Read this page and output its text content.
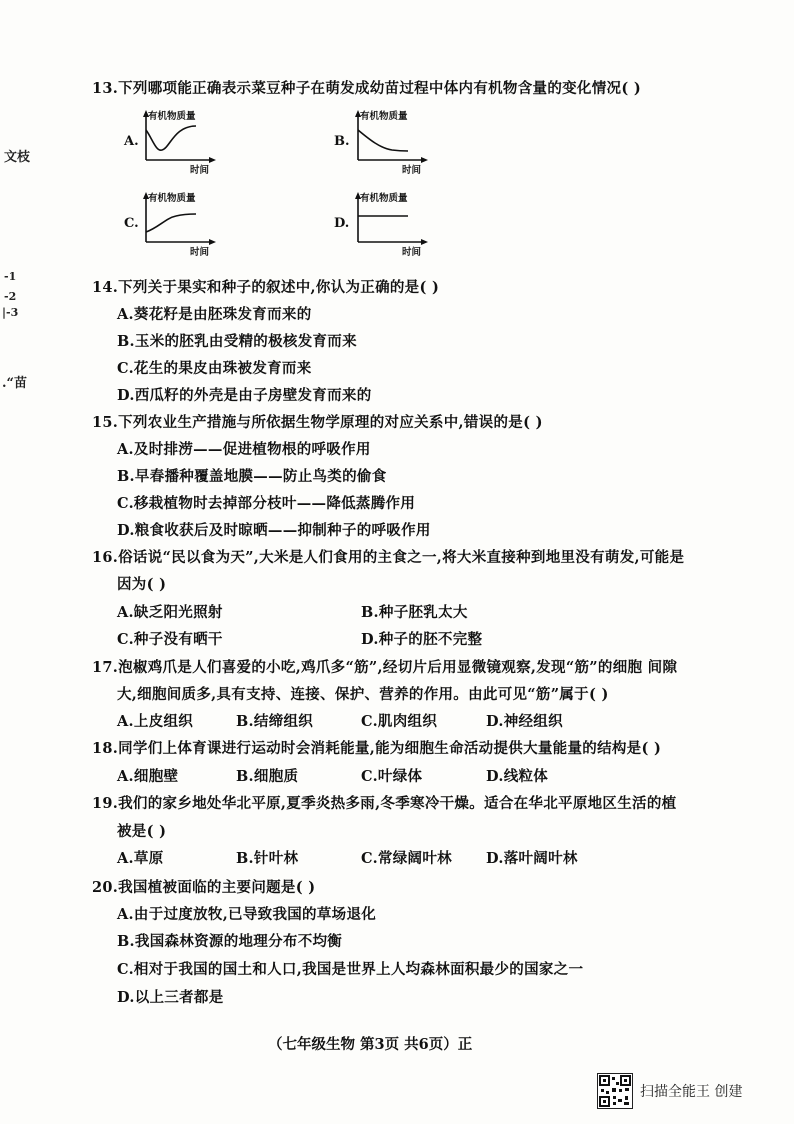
文枝
-1
-2
|-3
.“苗
13.下列哪项能正确表示菜豆种子在萌发成幼苗过程中体内有机物含量的变化情况( )
A.
有机物质量
时间
B.
有机物质量
时间
C.
有机物质量
时间
D.
有机物质量
时间
14.下列关于果实和种子的叙述中,你认为正确的是( )
A.葵花籽是由胚珠发育而来的
B.玉米的胚乳由受精的极核发育而来
C.花生的果皮由珠被发育而来
D.西瓜籽的外壳是由子房壁发育而来的
15.下列农业生产措施与所依据生物学原理的对应关系中,错误的是( )
A.及时排涝——促进植物根的呼吸作用
B.早春播种覆盖地膜——防止鸟类的偷食
C.移栽植物时去掉部分枝叶——降低蒸腾作用
D.粮食收获后及时晾晒——抑制种子的呼吸作用
16.俗话说“民以食为天”,大米是人们食用的主食之一,将大米直接种到地里没有萌发,可能是
因为( )
A.缺乏阳光照射	B.种子胚乳太大
C.种子没有晒干	D.种子的胚不完整
17.泡椒鸡爪是人们喜爱的小吃,鸡爪多“筋”,经切片后用显微镜观察,发现“筋”的细胞 间隙
大,细胞间质多,具有支持、连接、保护、营养的作用。由此可见“筋”属于( )
A.上皮组织	B.结缔组织	C.肌肉组织	D.神经组织
18.同学们上体育课进行运动时会消耗能量,能为细胞生命活动提供大量能量的结构是( )
A.细胞壁	B.细胞质	C.叶绿体	D.线粒体
19.我们的家乡地处华北平原,夏季炎热多雨,冬季寒冷干燥。适合在华北平原地区生活的植
被是( )
A.草原	B.针叶林	C.常绿阔叶林 D.落叶阔叶林
20.我国植被面临的主要问题是( )
A.由于过度放牧,已导致我国的草场退化
B.我国森林资源的地理分布不均衡
C.相对于我国的国土和人口,我国是世界上人均森林面积最少的国家之一
D.以上三者都是
（七年级生物 第3页 共6页）正
扫描全能王 创建
